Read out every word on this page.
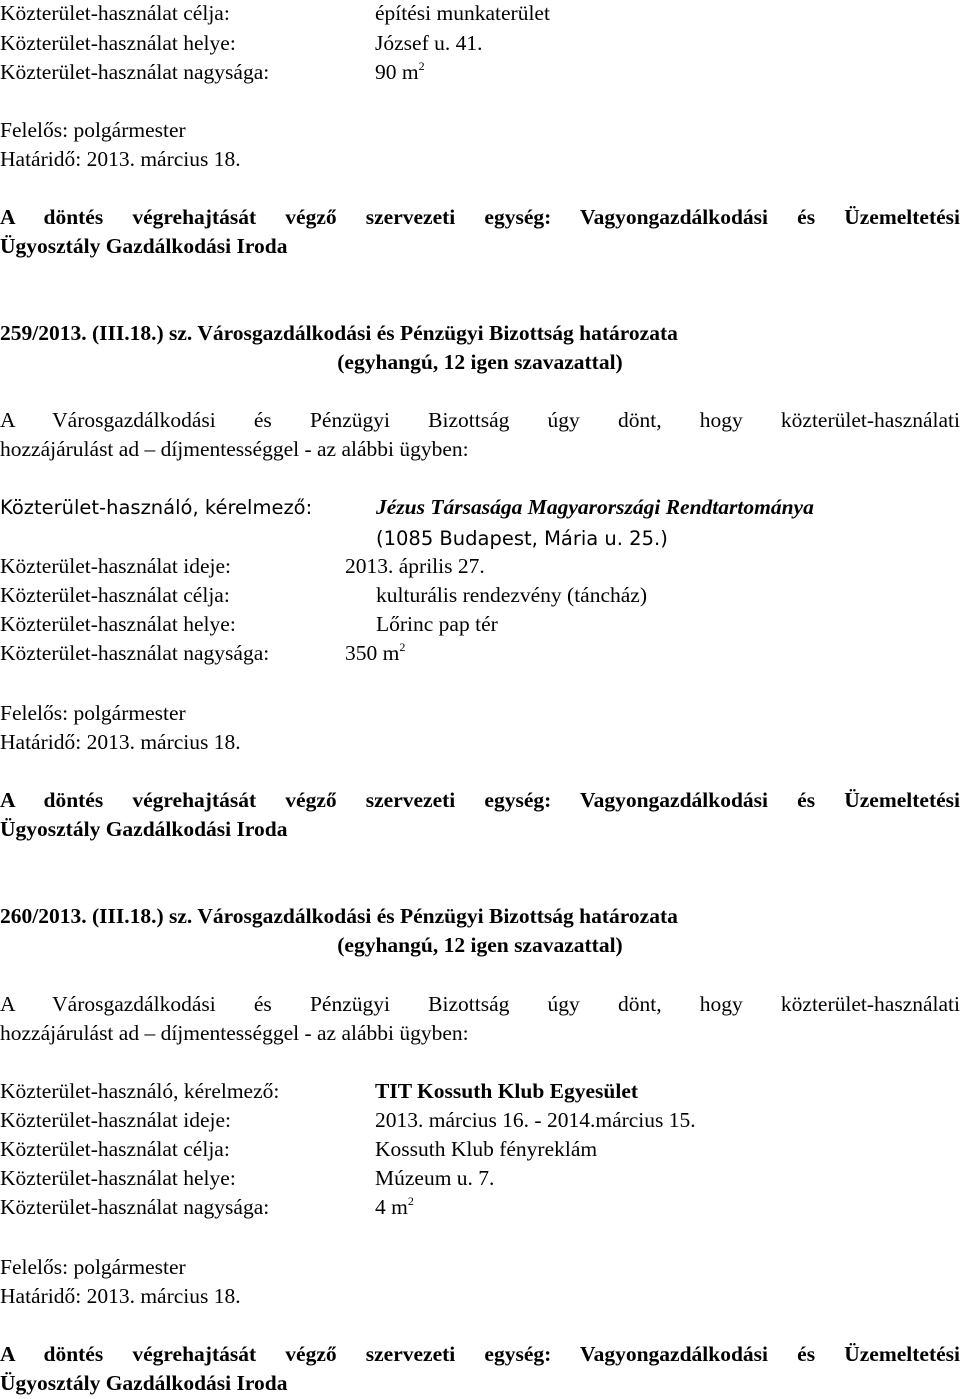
Közterület-használat célja:	építési munkaterület
Közterület-használat helye:	József u. 41.
Közterület-használat nagysága:	90 $m^2$
Felelős: polgármester
Határidő: 2013. március 18.
A döntés végrehajtását végző szervezeti egység: Vagyongazdálkodási és Üzemeltetési
Ügyosztály Gazdálkodási Iroda
259/2013. (III.18.) sz. Városgazdálkodási és Pénzügyi Bizottság határozata
(egyhangú, 12 igen szavazattal)
A Városgazdálkodási és Pénzügyi Bizottság úgy dönt, hogy közterület-használati
hozzájárulást ad – díjmentességgel - az alábbi ügyben:
Közterület-használó, kérelmező:	Jézus Társasága Magyarországi Rendtartománya
(1085 Budapest, Mária u. 25.)
Közterület-használat ideje:	2013. április 27.
Közterület-használat célja:	kulturális rendezvény (táncház)
Közterület-használat helye:	Lőrinc pap tér
Közterület-használat nagysága:	350 $m^2$
Felelős: polgármester
Határidő: 2013. március 18.
A döntés végrehajtását végző szervezeti egység: Vagyongazdálkodási és Üzemeltetési
Ügyosztály Gazdálkodási Iroda
260/2013. (III.18.) sz. Városgazdálkodási és Pénzügyi Bizottság határozata
(egyhangú, 12 igen szavazattal)
A Városgazdálkodási és Pénzügyi Bizottság úgy dönt, hogy közterület-használati
hozzájárulást ad – díjmentességgel - az alábbi ügyben:
Közterület-használó, kérelmező:	TIT Kossuth Klub Egyesület
Közterület-használat ideje:	2013. március 16. - 2014.március 15.
Közterület-használat célja:	Kossuth Klub fényreklám
Közterület-használat helye:	Múzeum u. 7.
Közterület-használat nagysága:	4 $m^2$
Felelős: polgármester
Határidő: 2013. március 18.
A döntés végrehajtását végző szervezeti egység: Vagyongazdálkodási és Üzemeltetési
Ügyosztály Gazdálkodási Iroda
